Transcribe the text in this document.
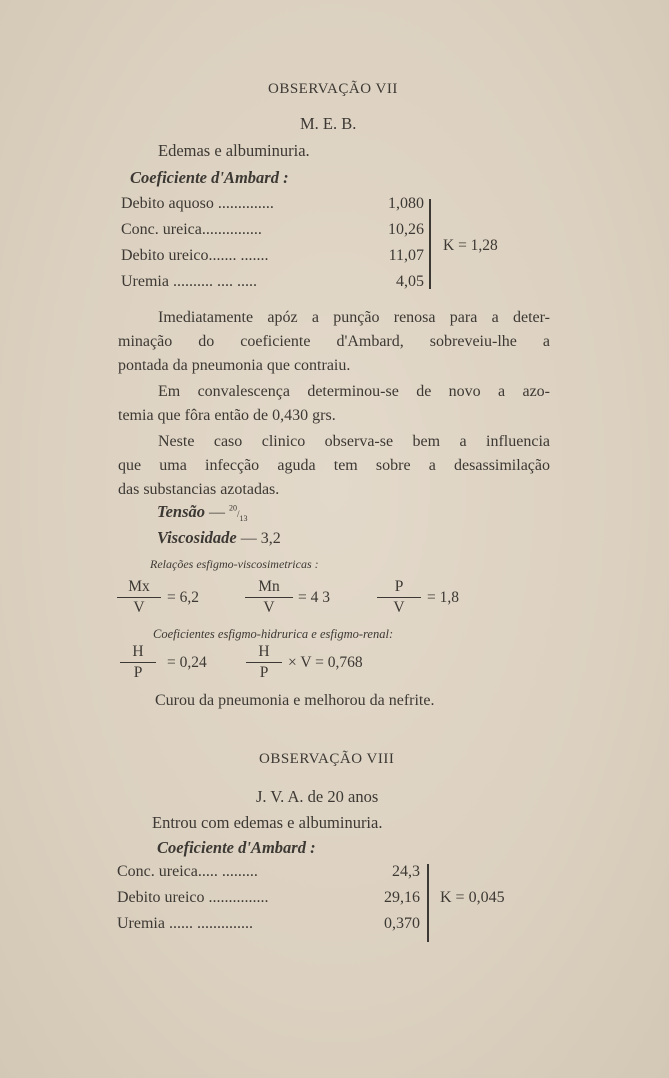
OBSERVAÇÃO VII
M. E. B.
Edemas e albuminuria.
Coeficiente d'Ambard :
Debito aquoso ..............	1,080
Conc. ureica...............	10,26
Debito ureico....... .......	11,07
Uremia .......... .... .....	4,05
K = 1,28
Imediatamente apóz a punção renosa para a deter-
minação do coeficiente d'Ambard, sobreveiu-lhe a
pontada da pneumonia que contraiu.
Em convalescença determinou-se de novo a azo-
temia que fôra então de 0,430 grs.
Neste caso clinico observa-se bem a influencia
que uma infecção aguda tem sobre a desassimilação
das substancias azotadas.
Tensão — $^{20}/_{13}$
Viscosidade — 3,2
Relações esfigmo-viscosimetricas :
Mx
V
= 6,2
Mn
V
= 4 3
P
V
= 1,8
Coeficientes esfigmo-hidrurica e esfigmo-renal:
H
P
= 0,24
H
P
× V = 0,768
Curou da pneumonia e melhorou da nefrite.
OBSERVAÇÃO VIII
J. V. A. de 20 anos
Entrou com edemas e albuminuria.
Coeficiente d'Ambard :
Conc. ureica..... .........	24,3
Debito ureico ...............	29,16
Uremia ...... ..............	0,370
K = 0,045
